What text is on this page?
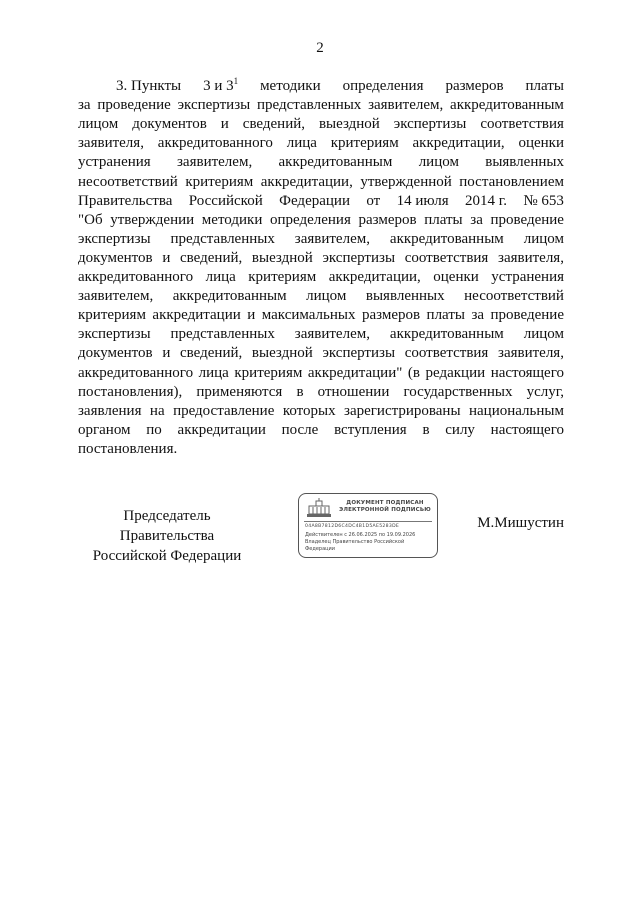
2
3. Пункты 3 и $3^1$ методики определения размеров платы
за проведение экспертизы представленных заявителем, аккредитованным
лицом документов и сведений, выездной экспертизы соответствия
заявителя, аккредитованного лица критериям аккредитации, оценки
устранения заявителем, аккредитованным лицом выявленных
несоответствий критериям аккредитации, утвержденной постановлением
Правительства Российской Федерации от 14 июля 2014 г. № 653
"Об утверждении методики определения размеров платы за проведение
экспертизы представленных заявителем, аккредитованным лицом
документов и сведений, выездной экспертизы соответствия заявителя,
аккредитованного лица критериям аккредитации, оценки устранения
заявителем, аккредитованным лицом выявленных несоответствий
критериям аккредитации и максимальных размеров платы за проведение
экспертизы представленных заявителем, аккредитованным лицом
документов и сведений, выездной экспертизы соответствия заявителя,
аккредитованного лица критериям аккредитации" (в редакции настоящего
постановления), применяются в отношении государственных услуг,
заявления на предоставление которых зарегистрированы национальным
органом по аккредитации после вступления в силу настоящего
постановления.
Председатель Правительства
Российской Федерации
ДОКУМЕНТ ПОДПИСАН
ЭЛЕКТРОННОЙ ПОДПИСЬЮ
04A8B7812D6C4DC4B1D5AE5283DE
Действителен с 26.06.2025 по 19.09.2026
Владелец Правительство Российской
Федерации
М.Мишустин
